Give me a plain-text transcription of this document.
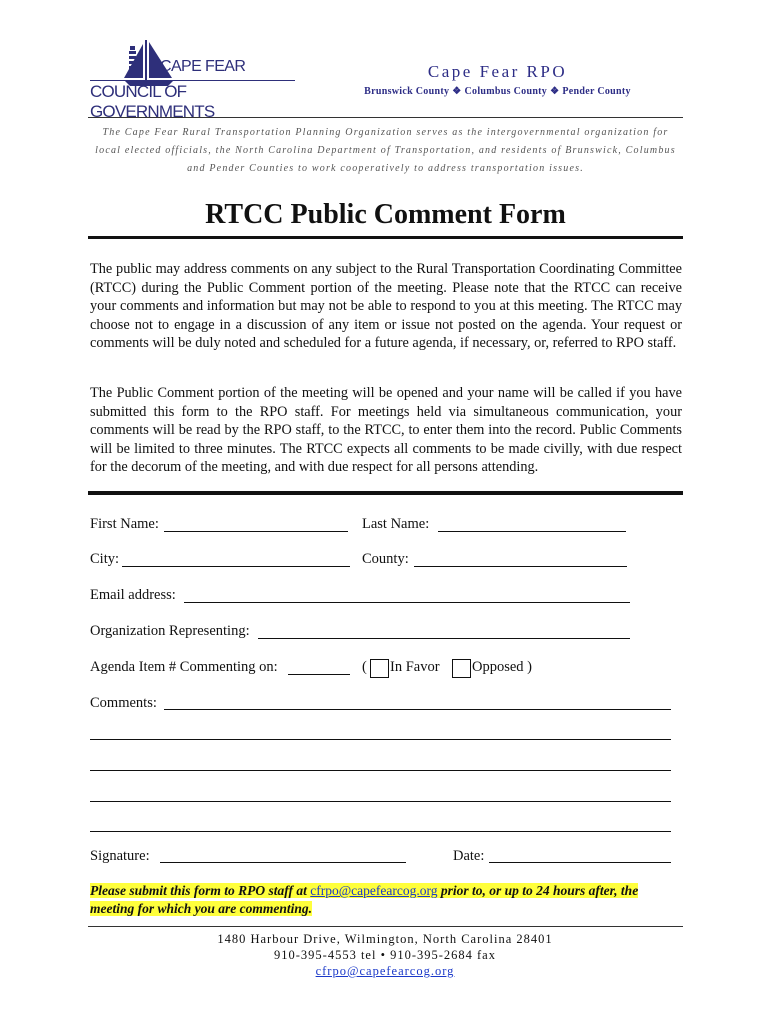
CAPE FEAR
COUNCIL OF GOVERNMENTS
Cape Fear RPO
Brunswick County ❖ Columbus County ❖ Pender County
The Cape Fear Rural Transportation Planning Organization serves as the intergovernmental organization for local elected officials, the North Carolina Department of Transportation, and residents of Brunswick, Columbus and Pender Counties to work cooperatively to address transportation issues.
RTCC Public Comment Form
The public may address comments on any subject to the Rural Transportation Coordinating Committee (RTCC) during the Public Comment portion of the meeting. Please note that the RTCC can receive your comments and information but may not be able to respond to you at this meeting. The RTCC may choose not to engage in a discussion of any item or issue not posted on the agenda. Your request or comments will be duly noted and scheduled for a future agenda, if necessary, or, referred to RPO staff.
The Public Comment portion of the meeting will be opened and your name will be called if you have submitted this form to the RPO staff. For meetings held via simultaneous communication, your comments will be read by the RPO staff, to the RTCC, to enter them into the record. Public Comments will be limited to three minutes. The RTCC expects all comments to be made civilly, with due respect for the decorum of the meeting, and with due respect for all persons attending.
First Name:	Last Name:
City:	County:
Email address:
Organization Representing:
Agenda Item # Commenting on:	( In Favor Opposed )
Comments:
Signature:	Date:
Please submit this form to RPO staff at cfrpo@capefearcog.org prior to, or up to 24 hours after, the meeting for which you are commenting.
1480 Harbour Drive, Wilmington, North Carolina 28401
910-395-4553 tel • 910-395-2684 fax
cfrpo@capefearcog.org
